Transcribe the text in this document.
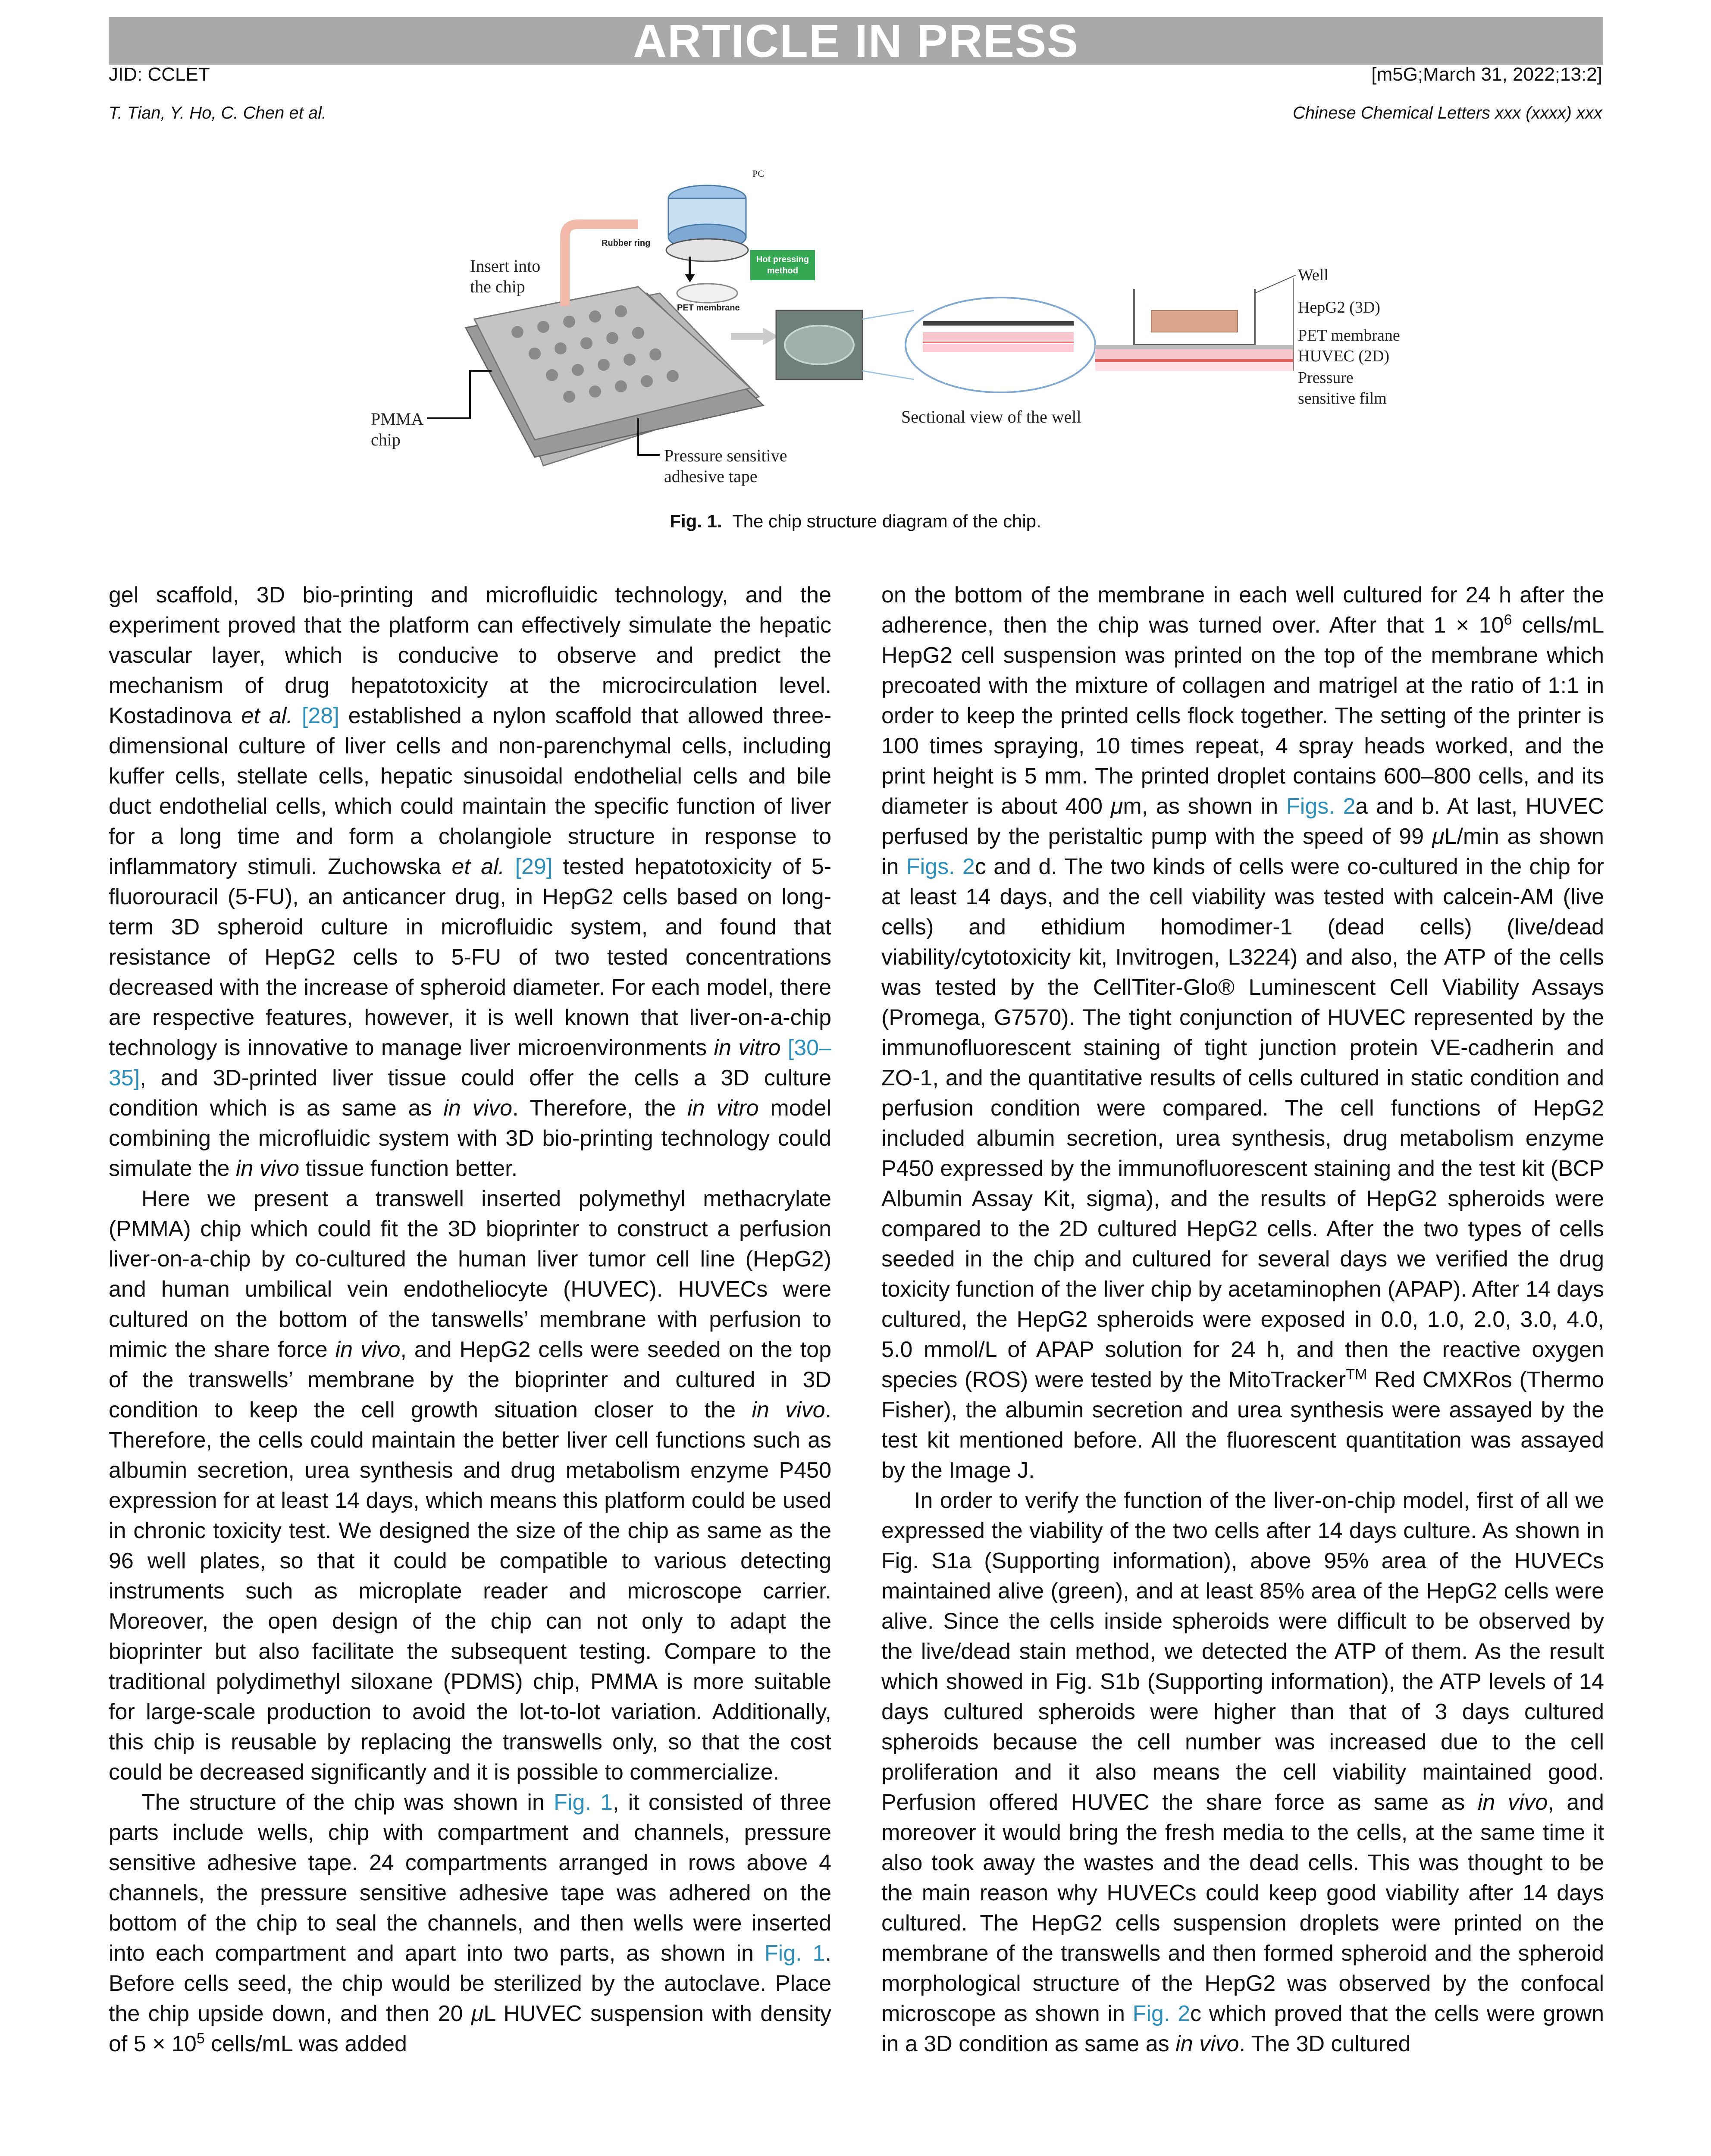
ARTICLE IN PRESS
JID: CCLET	[m5G;March 31, 2022;13:2]
T. Tian, Y. Ho, C. Chen et al.	Chinese Chemical Letters xxx (xxxx) xxx
Hot pressing
method
PC
Rubber ring
PET membrane
Insert into
the chip
PMMA
chip
Pressure sensitive
adhesive tape
Sectional view of the well
Well
HepG2 (3D)
PET membrane
HUVEC (2D)
Pressure
sensitive film
Fig. 1. The chip structure diagram of the chip.

gel scaffold, 3D bio-printing and microfluidic technology, and the experiment proved that the platform can effectively simulate the hepatic vascular layer, which is conducive to observe and predict the mechanism of drug hepatotoxicity at the microcirculation level. Kostadinova et al. [28] established a nylon scaffold that allowed three-dimensional culture of liver cells and non-parenchymal cells, including kuffer cells, stellate cells, hepatic sinusoidal endothelial cells and bile duct endothelial cells, which could maintain the specific function of liver for a long time and form a cholangiole structure in response to inflammatory stimuli. Zuchowska et al. [29] tested hepatotoxicity of 5-fluorouracil (5-FU), an anticancer drug, in HepG2 cells based on long-term 3D spheroid culture in microfluidic system, and found that resistance of HepG2 cells to 5-FU of two tested concentrations decreased with the increase of spheroid diameter. For each model, there are respective features, however, it is well known that liver-on-a-chip technology is innovative to manage liver microenvironments in vitro [30–35], and 3D-printed liver tissue could offer the cells a 3D culture condition which is as same as in vivo. Therefore, the in vitro model combining the microfluidic system with 3D bio-printing technology could simulate the in vivo tissue function better.

Here we present a transwell inserted polymethyl methacrylate (PMMA) chip which could fit the 3D bioprinter to construct a perfusion liver-on-a-chip by co-cultured the human liver tumor cell line (HepG2) and human umbilical vein endotheliocyte (HUVEC). HUVECs were cultured on the bottom of the tanswells’ membrane with perfusion to mimic the share force in vivo, and HepG2 cells were seeded on the top of the transwells’ membrane by the bioprinter and cultured in 3D condition to keep the cell growth situation closer to the in vivo. Therefore, the cells could maintain the better liver cell functions such as albumin secretion, urea synthesis and drug metabolism enzyme P450 expression for at least 14 days, which means this platform could be used in chronic toxicity test. We designed the size of the chip as same as the 96 well plates, so that it could be compatible to various detecting instruments such as microplate reader and microscope carrier. Moreover, the open design of the chip can not only to adapt the bioprinter but also facilitate the subsequent testing. Compare to the traditional polydimethyl siloxane (PDMS) chip, PMMA is more suitable for large-scale production to avoid the lot-to-lot variation. Additionally, this chip is reusable by replacing the transwells only, so that the cost could be decreased significantly and it is possible to commercialize.

The structure of the chip was shown in Fig. 1, it consisted of three parts include wells, chip with compartment and channels, pressure sensitive adhesive tape. 24 compartments arranged in rows above 4 channels, the pressure sensitive adhesive tape was adhered on the bottom of the chip to seal the channels, and then wells were inserted into each compartment and apart into two parts, as shown in Fig. 1. Before cells seed, the chip would be sterilized by the autoclave. Place the chip upside down, and then 20 μL HUVEC suspension with density of $5 \times 10^5$ cells/mL was added

on the bottom of the membrane in each well cultured for 24 h after the adherence, then the chip was turned over. After that $1 \times 10^6$ cells/mL HepG2 cell suspension was printed on the top of the membrane which precoated with the mixture of collagen and matrigel at the ratio of 1:1 in order to keep the printed cells flock together. The setting of the printer is 100 times spraying, 10 times repeat, 4 spray heads worked, and the print height is 5 mm. The printed droplet contains 600–800 cells, and its diameter is about 400 μm, as shown in Figs. 2a and b. At last, HUVEC perfused by the peristaltic pump with the speed of 99 μL/min as shown in Figs. 2c and d. The two kinds of cells were co-cultured in the chip for at least 14 days, and the cell viability was tested with calcein-AM (live cells) and ethidium homodimer-1 (dead cells) (live/dead viability/cytotoxicity kit, Invitrogen, L3224) and also, the ATP of the cells was tested by the CellTiter-Glo® Luminescent Cell Viability Assays (Promega, G7570). The tight conjunction of HUVEC represented by the immunofluorescent staining of tight junction protein VE-cadherin and ZO-1, and the quantitative results of cells cultured in static condition and perfusion condition were compared. The cell functions of HepG2 included albumin secretion, urea synthesis, drug metabolism enzyme P450 expressed by the immunofluorescent staining and the test kit (BCP Albumin Assay Kit, sigma), and the results of HepG2 spheroids were compared to the 2D cultured HepG2 cells. After the two types of cells seeded in the chip and cultured for several days we verified the drug toxicity function of the liver chip by acetaminophen (APAP). After 14 days cultured, the HepG2 spheroids were exposed in 0.0, 1.0, 2.0, 3.0, 4.0, 5.0 mmol/L of APAP solution for 24 h, and then the reactive oxygen species (ROS) were tested by the MitoTracker™ Red CMXRos (Thermo Fisher), the albumin secretion and urea synthesis were assayed by the test kit mentioned before. All the fluorescent quantitation was assayed by the Image J.

In order to verify the function of the liver-on-chip model, first of all we expressed the viability of the two cells after 14 days culture. As shown in Fig. S1a (Supporting information), above 95% area of the HUVECs maintained alive (green), and at least 85% area of the HepG2 cells were alive. Since the cells inside spheroids were difficult to be observed by the live/dead stain method, we detected the ATP of them. As the result which showed in Fig. S1b (Supporting information), the ATP levels of 14 days cultured spheroids were higher than that of 3 days cultured spheroids because the cell number was increased due to the cell proliferation and it also means the cell viability maintained good. Perfusion offered HUVEC the share force as same as in vivo, and moreover it would bring the fresh media to the cells, at the same time it also took away the wastes and the dead cells. This was thought to be the main reason why HUVECs could keep good viability after 14 days cultured. The HepG2 cells suspension droplets were printed on the membrane of the transwells and then formed spheroid and the spheroid morphological structure of the HepG2 was observed by the confocal microscope as shown in Fig. 2c which proved that the cells were grown in a 3D condition as same as in vivo. The 3D cultured
